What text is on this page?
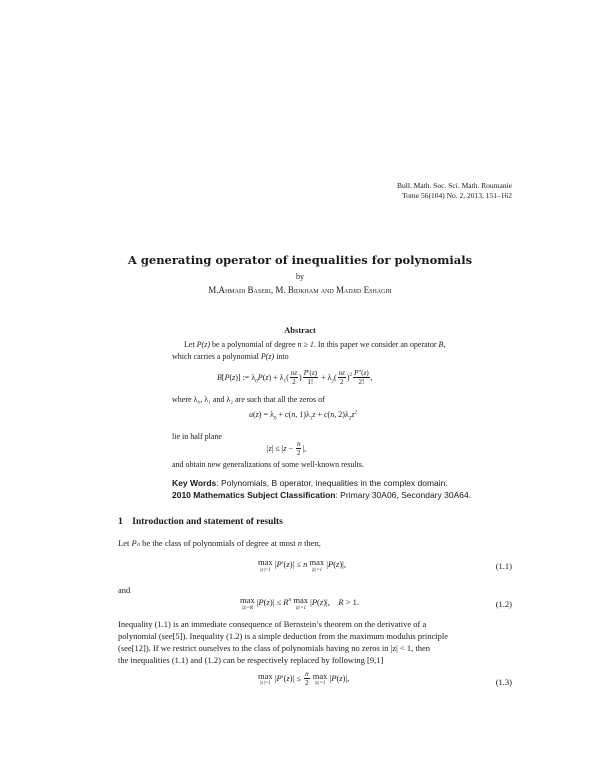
Bull. Math. Soc. Sci. Math. Roumanie
Tome 56(104) No. 2, 2013, 151–162
A generating operator of inequalities for polynomials
by
M.Ahmadi Baseri, M. Bidkham and Madjid Eshaghi
Abstract
Let P(z) be a polynomial of degree n ≥ 1. In this paper we consider an operator B,
which carries a polynomial P(z) into
B[P(z)] := $\lambda_0P(z) + \lambda_1( \frac{nz}{2}$ ) $\frac{P'(z)}{1!} + \lambda_2( \frac{nz}{2} )^2 \frac{P''(z)}{2!}$ ,
where λ₀, λ₁ and λ₂ are such that all the zeros of
$u(z) = \lambda_0 + c(n$, $1)\lambda_1z + c(n$, $2)\lambda_2z^2$
lie in half plane
$|z| \le |z - \frac{n}{2}$ |,
and obtain new generalizations of some well-known results.
Key Words: Polynomials, B operator, inequalities in the complex domain.
2010 Mathematics Subject Classification: Primary 30A06, Secondary 30A64.
1 Introduction and statement of results
Let Pₙ be the class of polynomials of degree at most n then,
max
|z|=1
|P′(z)| ≤ n max
|z|=1
|P(z)|,	(1.1)
and
max
|z|=R
$|P(z)| \le R^n$ max
|z|=1
|P(z)|,    R > 1.	(1.2)
Inequality (1.1) is an immediate consequence of Bernstein’s theorem on the derivative of a
polynomial (see[5]). Inequality (1.2) is a simple deduction from the maximum modulus principle
(see[12]). If we restrict ourselves to the class of polynomials having no zeros in |z| < 1, then
the inequalities (1.1) and (1.2) can be respectively replaced by following [9,1]
max
|z|=1
$|P'(z)| \le \frac{n}{2}$
max
|z|=1
|P(z)|,	(1.3)
